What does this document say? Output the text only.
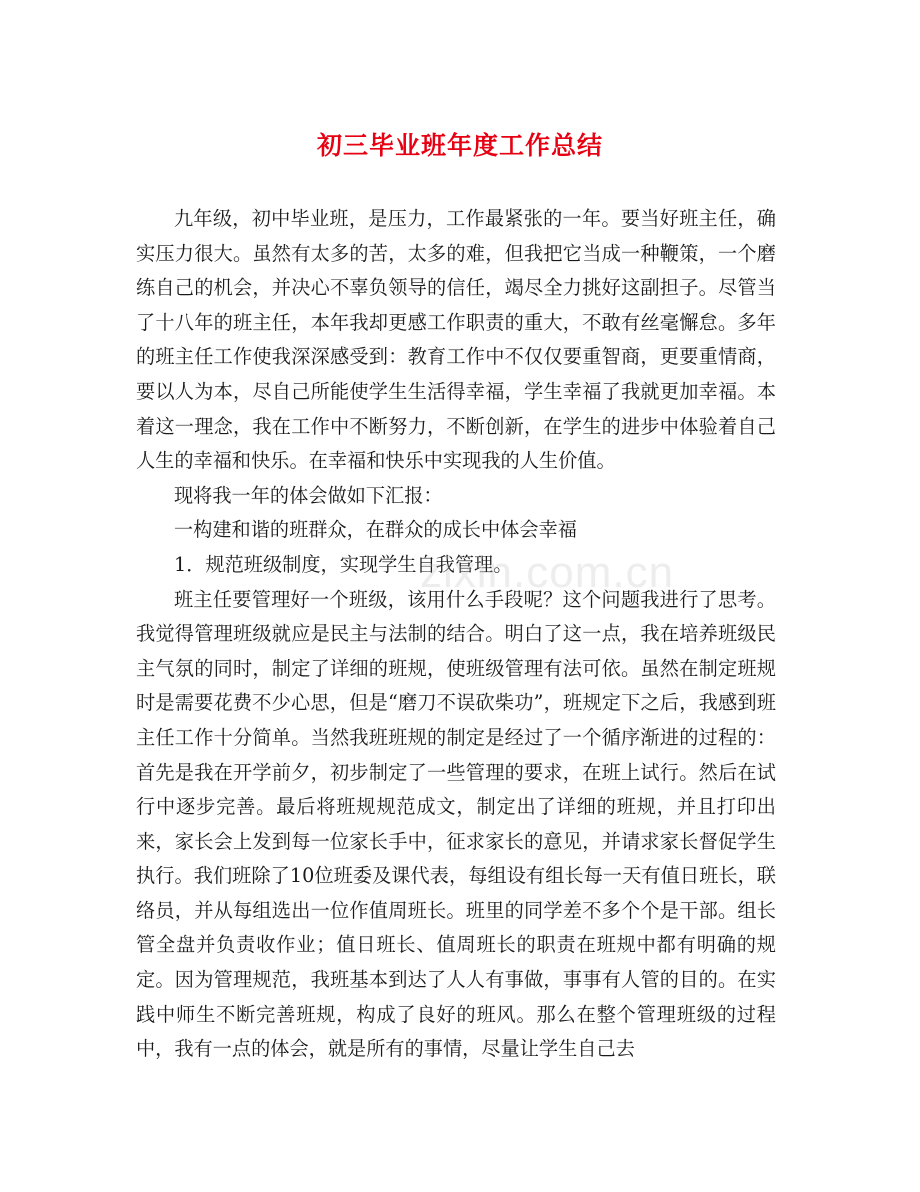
初三毕业班年度工作总结

九年级，初中毕业班，是压力，工作最紧张的一年。要当好班主任，确实压力很大。虽然有太多的苦，太多的难，但我把它当成一种鞭策，一个磨练自己的机会，并决心不辜负领导的信任，竭尽全力挑好这副担子。尽管当了十八年的班主任，本年我却更感工作职责的重大，不敢有丝毫懈怠。多年的班主任工作使我深深感受到：教育工作中不仅仅要重智商，更要重情商，要以人为本，尽自己所能使学生生活得幸福，学生幸福了我就更加幸福。本着这一理念，我在工作中不断努力，不断创新，在学生的进步中体验着自己人生的幸福和快乐。在幸福和快乐中实现我的人生价值。

现将我一年的体会做如下汇报：

一构建和谐的班群众，在群众的成长中体会幸福

1．规范班级制度，实现学生自我管理。

班主任要管理好一个班级，该用什么手段呢？这个问题我进行了思考。我觉得管理班级就应是民主与法制的结合。明白了这一点，我在培养班级民主气氛的同时，制定了详细的班规，使班级管理有法可依。虽然在制定班规时是需要花费不少心思，但是“磨刀不误砍柴功”，班规定下之后，我感到班主任工作十分简单。当然我班班规的制定是经过了一个循序渐进的过程的：首先是我在开学前夕，初步制定了一些管理的要求，在班上试行。然后在试行中逐步完善。最后将班规规范成文，制定出了详细的班规，并且打印出来，家长会上发到每一位家长手中，征求家长的意见，并请求家长督促学生执行。我们班除了10位班委及课代表，每组设有组长每一天有值日班长，联络员，并从每组选出一位作值周班长。班里的同学差不多个个是干部。组长管全盘并负责收作业；值日班长、值周班长的职责在班规中都有明确的规定。因为管理规范，我班基本到达了人人有事做，事事有人管的目的。在实践中师生不断完善班规，构成了良好的班风。那么在整个管理班级的过程中，我有一点的体会，就是所有的事情，尽量让学生自己去

zixin.com.cn
